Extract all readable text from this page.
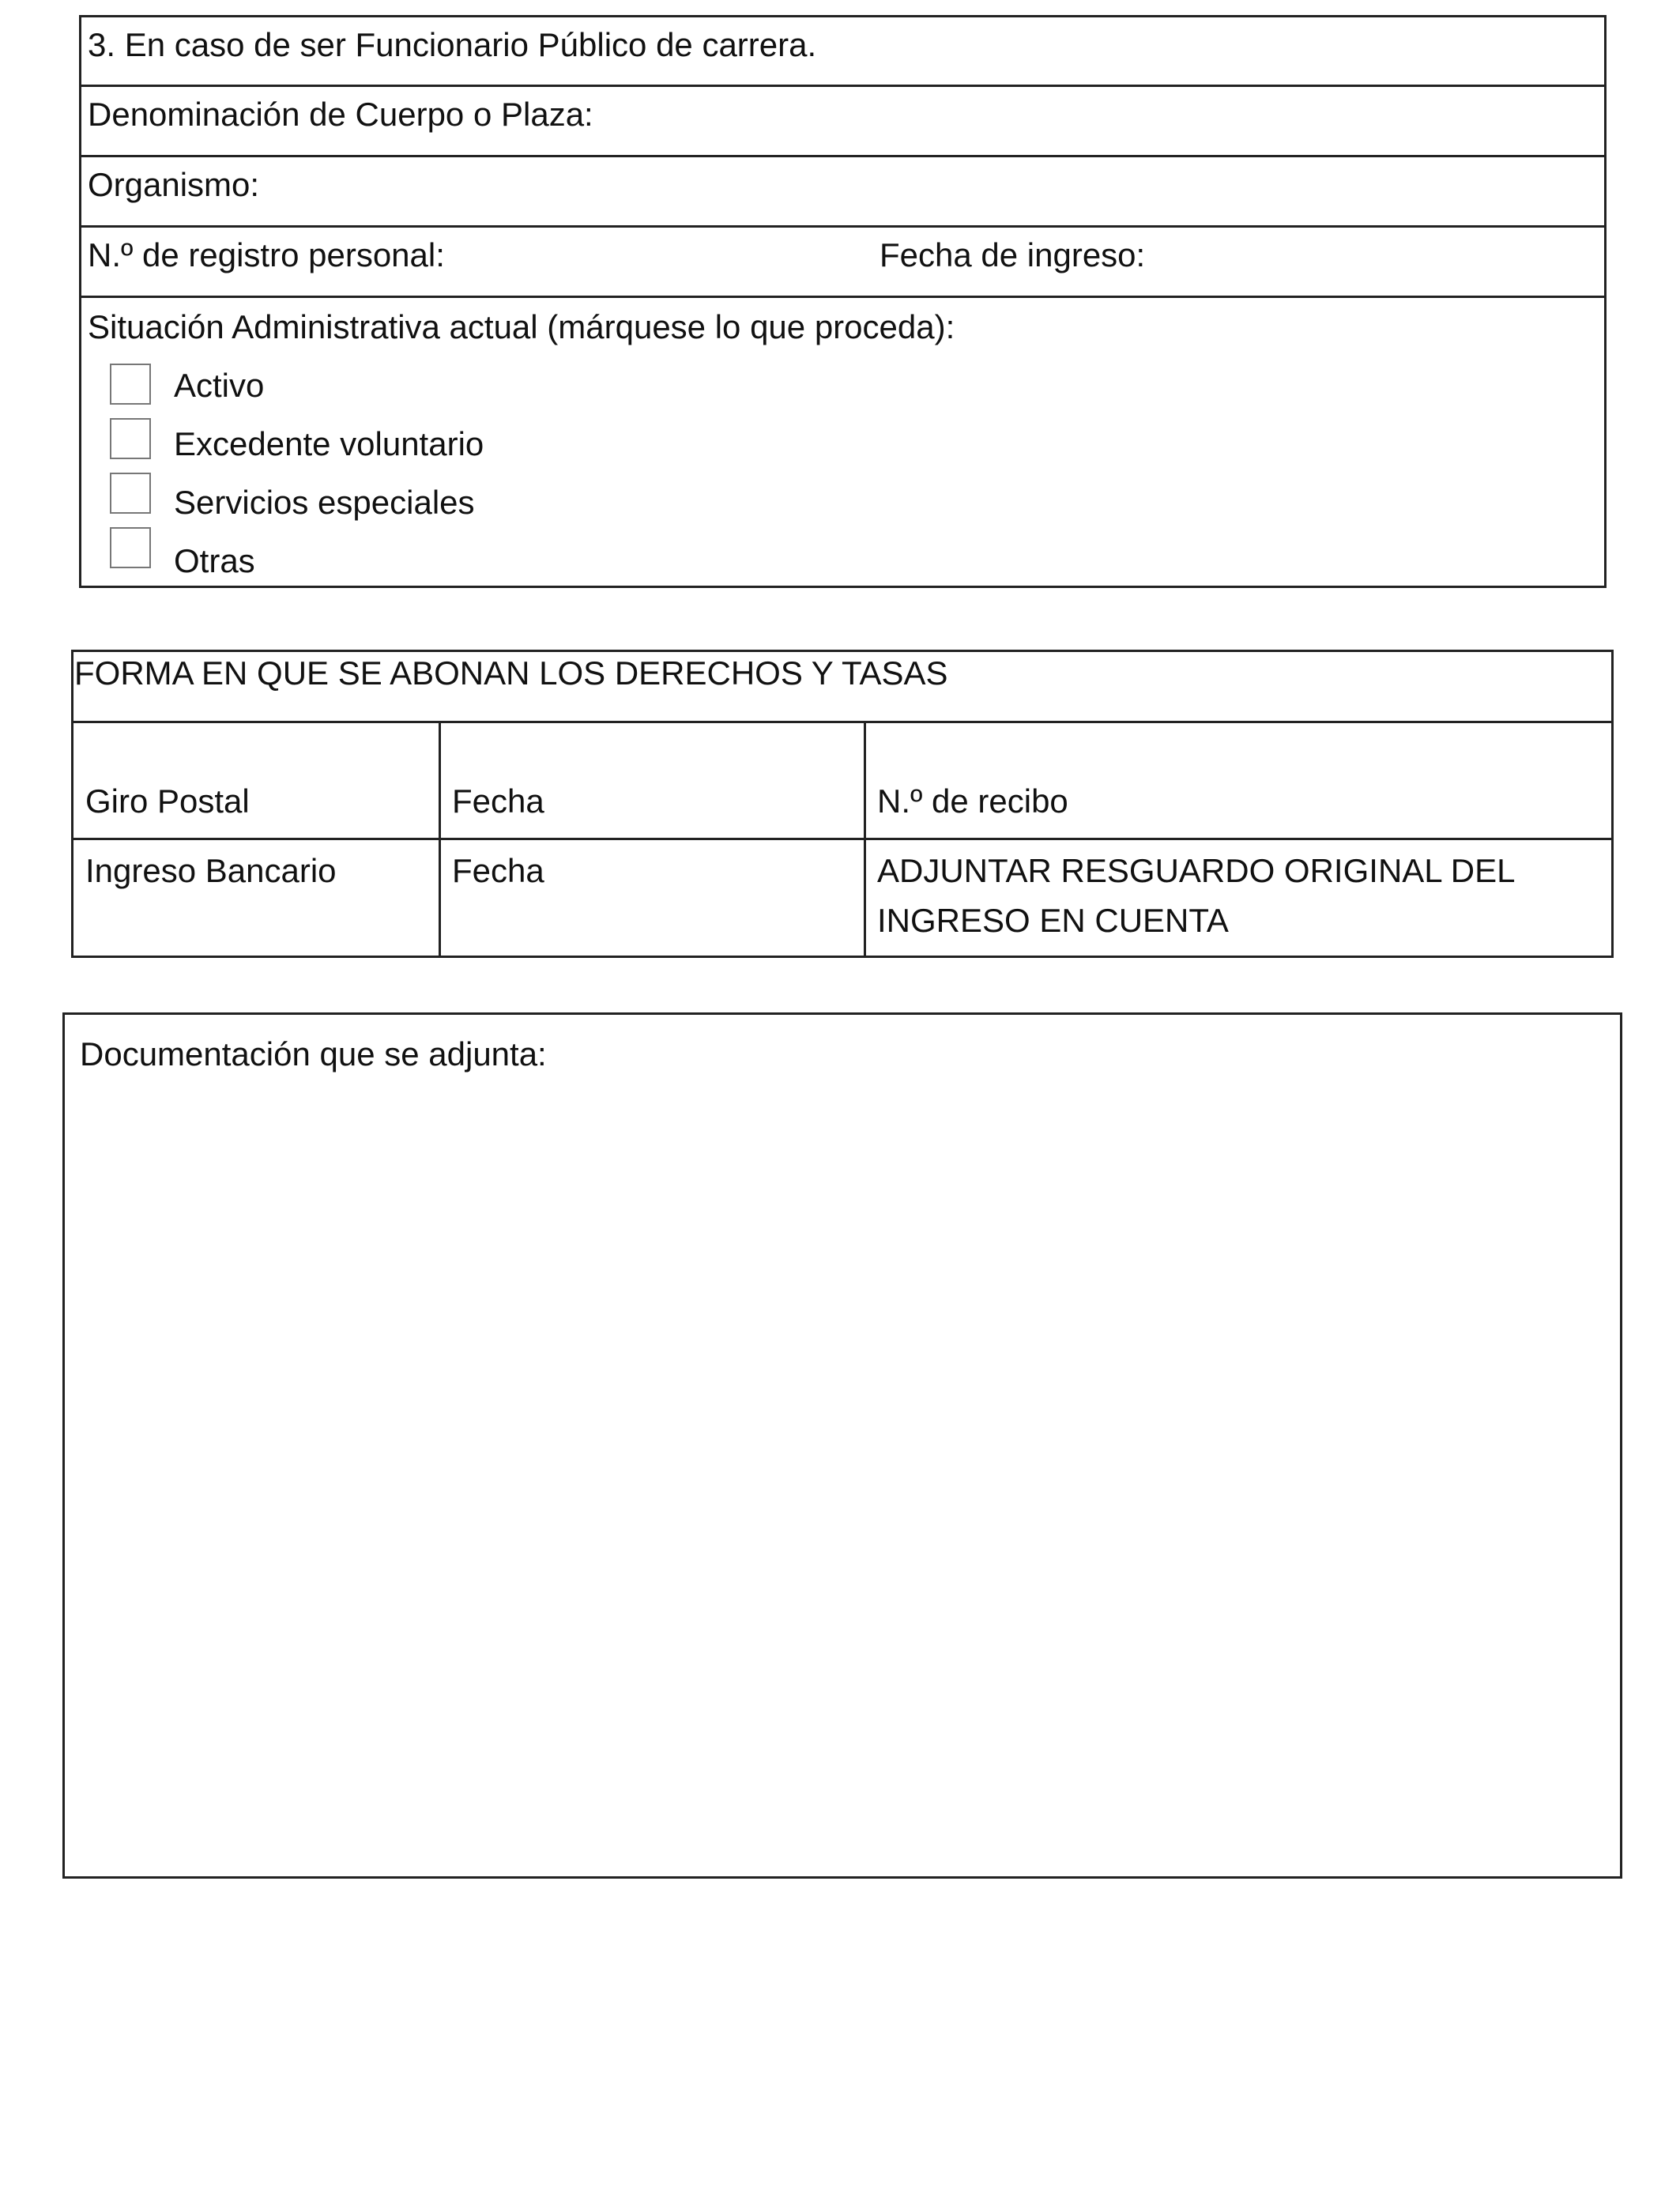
3. En caso de ser Funcionario Público de carrera.
Denominación de Cuerpo o Plaza:
Organismo:
N.º de registro personal:	Fecha de ingreso:
Situación Administrativa actual (márquese lo que proceda):
Activo
Excedente voluntario
Servicios especiales
Otras
FORMA EN QUE SE ABONAN LOS DERECHOS Y TASAS
Giro Postal	Fecha	N.º de recibo
Ingreso Bancario	Fecha	ADJUNTAR RESGUARDO ORIGINAL DEL
INGRESO EN CUENTA
Documentación que se adjunta:
